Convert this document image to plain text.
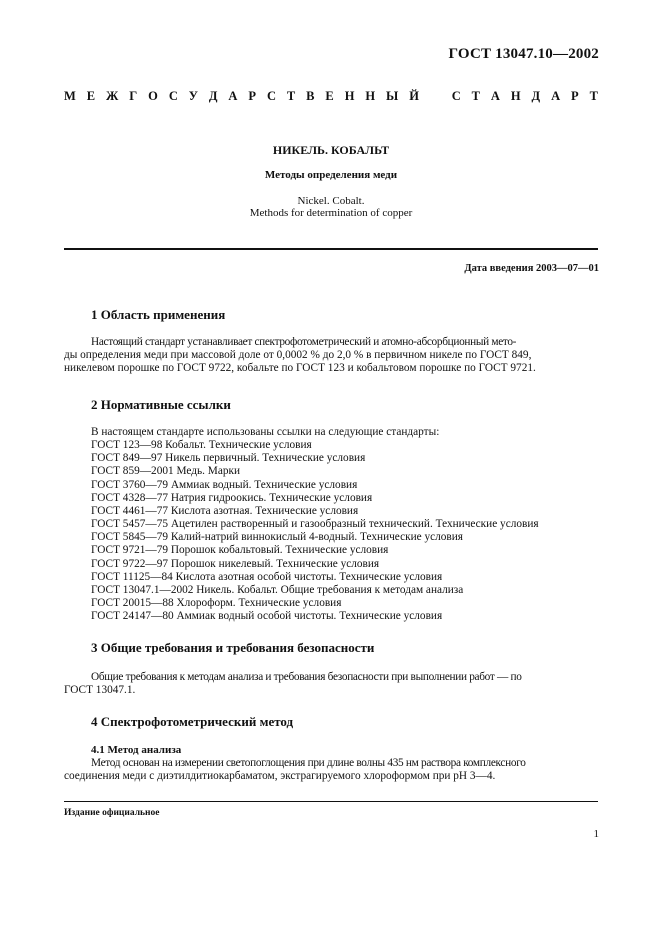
ГОСТ 13047.10—2002
М Е Ж Г О С У Д А Р С Т В Е Н Н Ы Й	С Т А Н Д А Р Т
НИКЕЛЬ. КОБАЛЬТ
Методы определения меди
Nickel. Cobalt.
Methods for determination of copper
Дата введения 2003—07—01
1 Область применения
Настоящий стандарт устанавливает спектрофотометрический и атомно-абсорбционный мето-
ды определения меди при массовой доле от 0,0002 % до 2,0 % в первичном никеле по ГОСТ 849,
никелевом порошке по ГОСТ 9722, кобальте по ГОСТ 123 и кобальтовом порошке по ГОСТ 9721.
2 Нормативные ссылки
В настоящем стандарте использованы ссылки на следующие стандарты:
ГОСТ 123—98 Кобальт. Технические условия
ГОСТ 849—97 Никель первичный. Технические условия
ГОСТ 859—2001 Медь. Марки
ГОСТ 3760—79 Аммиак водный. Технические условия
ГОСТ 4328—77 Натрия гидроокись. Технические условия
ГОСТ 4461—77 Кислота азотная. Технические условия
ГОСТ 5457—75 Ацетилен растворенный и газообразный технический. Технические условия
ГОСТ 5845—79 Калий-натрий виннокислый 4-водный. Технические условия
ГОСТ 9721—79 Порошок кобальтовый. Технические условия
ГОСТ 9722—97 Порошок никелевый. Технические условия
ГОСТ 11125—84 Кислота азотная особой чистоты. Технические условия
ГОСТ 13047.1—2002 Никель. Кобальт. Общие требования к методам анализа
ГОСТ 20015—88 Хлороформ. Технические условия
ГОСТ 24147—80 Аммиак водный особой чистоты. Технические условия
3 Общие требования и требования безопасности
Общие требования к методам анализа и требования безопасности при выполнении работ — по
ГОСТ 13047.1.
4 Спектрофотометрический метод
4.1 Метод анализа
Метод основан на измерении светопоглощения при длине волны 435 нм раствора комплексного
соединения меди с диэтилдитиокарбаматом, экстрагируемого хлороформом при pH 3—4.
Издание официальное
1
